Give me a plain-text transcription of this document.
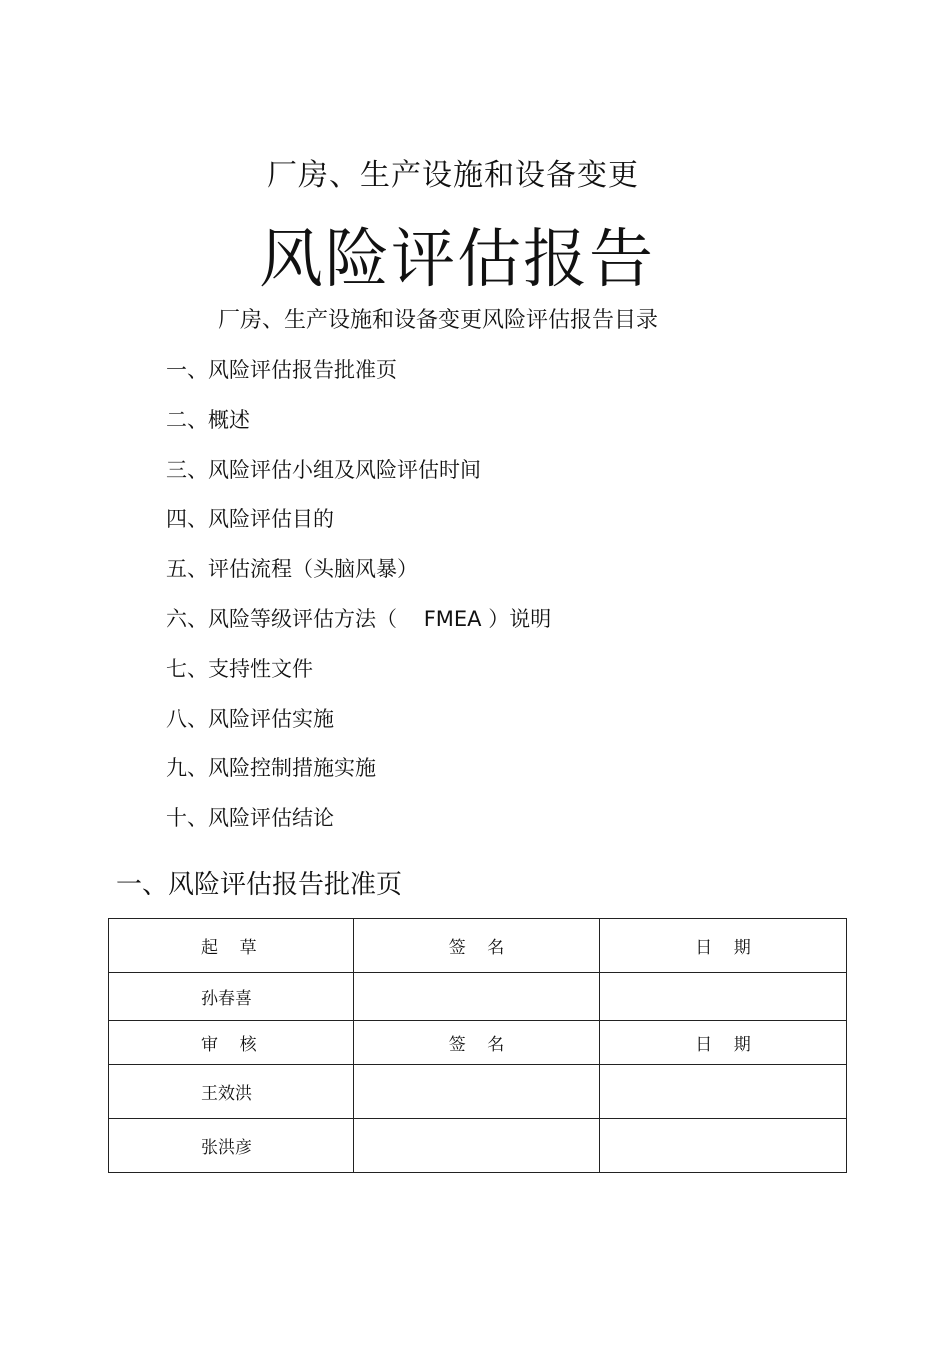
厂房、生产设施和设备变更
风险评估报告
厂房、生产设施和设备变更风险评估报告目录
一、风险评估报告批准页
二、概述
三、风险评估小组及风险评估时间
四、风险评估目的
五、评估流程（头脑风暴）
六、风险等级评估方法（    FMEA ）说明
七、支持性文件
八、风险评估实施
九、风险控制措施实施
十、风险评估结论
一、风险评估报告批准页
起    草	签    名	日    期
孙春喜		
审    核	签    名	日    期
王效洪		
张洪彦		
